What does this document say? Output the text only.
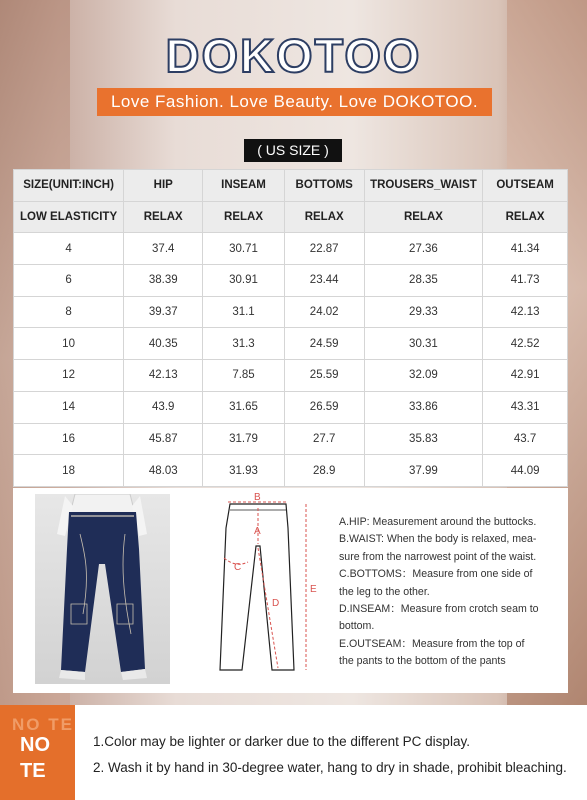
DOKOTOO
Love Fashion. Love Beauty. Love DOKOTOO.
( US SIZE )
SIZE(UNIT:INCH)	HIP	INSEAM	BOTTOMS	TROUSERS_WAIST	OUTSEAM
LOW ELASTICITY	RELAX	RELAX	RELAX	RELAX	RELAX
4	37.4	30.71	22.87	27.36	41.34
6	38.39	30.91	23.44	28.35	41.73
8	39.37	31.1	24.02	29.33	42.13
10	40.35	31.3	24.59	30.31	42.52
12	42.13	7.85	25.59	32.09	42.91
14	43.9	31.65	26.59	33.86	43.31
16	45.87	31.79	27.7	35.83	43.7
18	48.03	31.93	28.9	37.99	44.09
B
A
C
D
E
A.HIP: Measurement around the buttocks.
B.WAIST: When the body is relaxed, mea-
sure from the narrowest point of the waist.
C.BOTTOMS：Measure from one side of
the leg to the other.
D.INSEAM：Measure from crotch seam to
bottom.
E.OUTSEAM：Measure from the top of
the pants to the bottom of the pants
NO TE
NO
TE
1.Color may be lighter or darker due to the different PC display.
2. Wash it by hand in 30-degree water, hang to dry in shade, prohibit bleaching.
